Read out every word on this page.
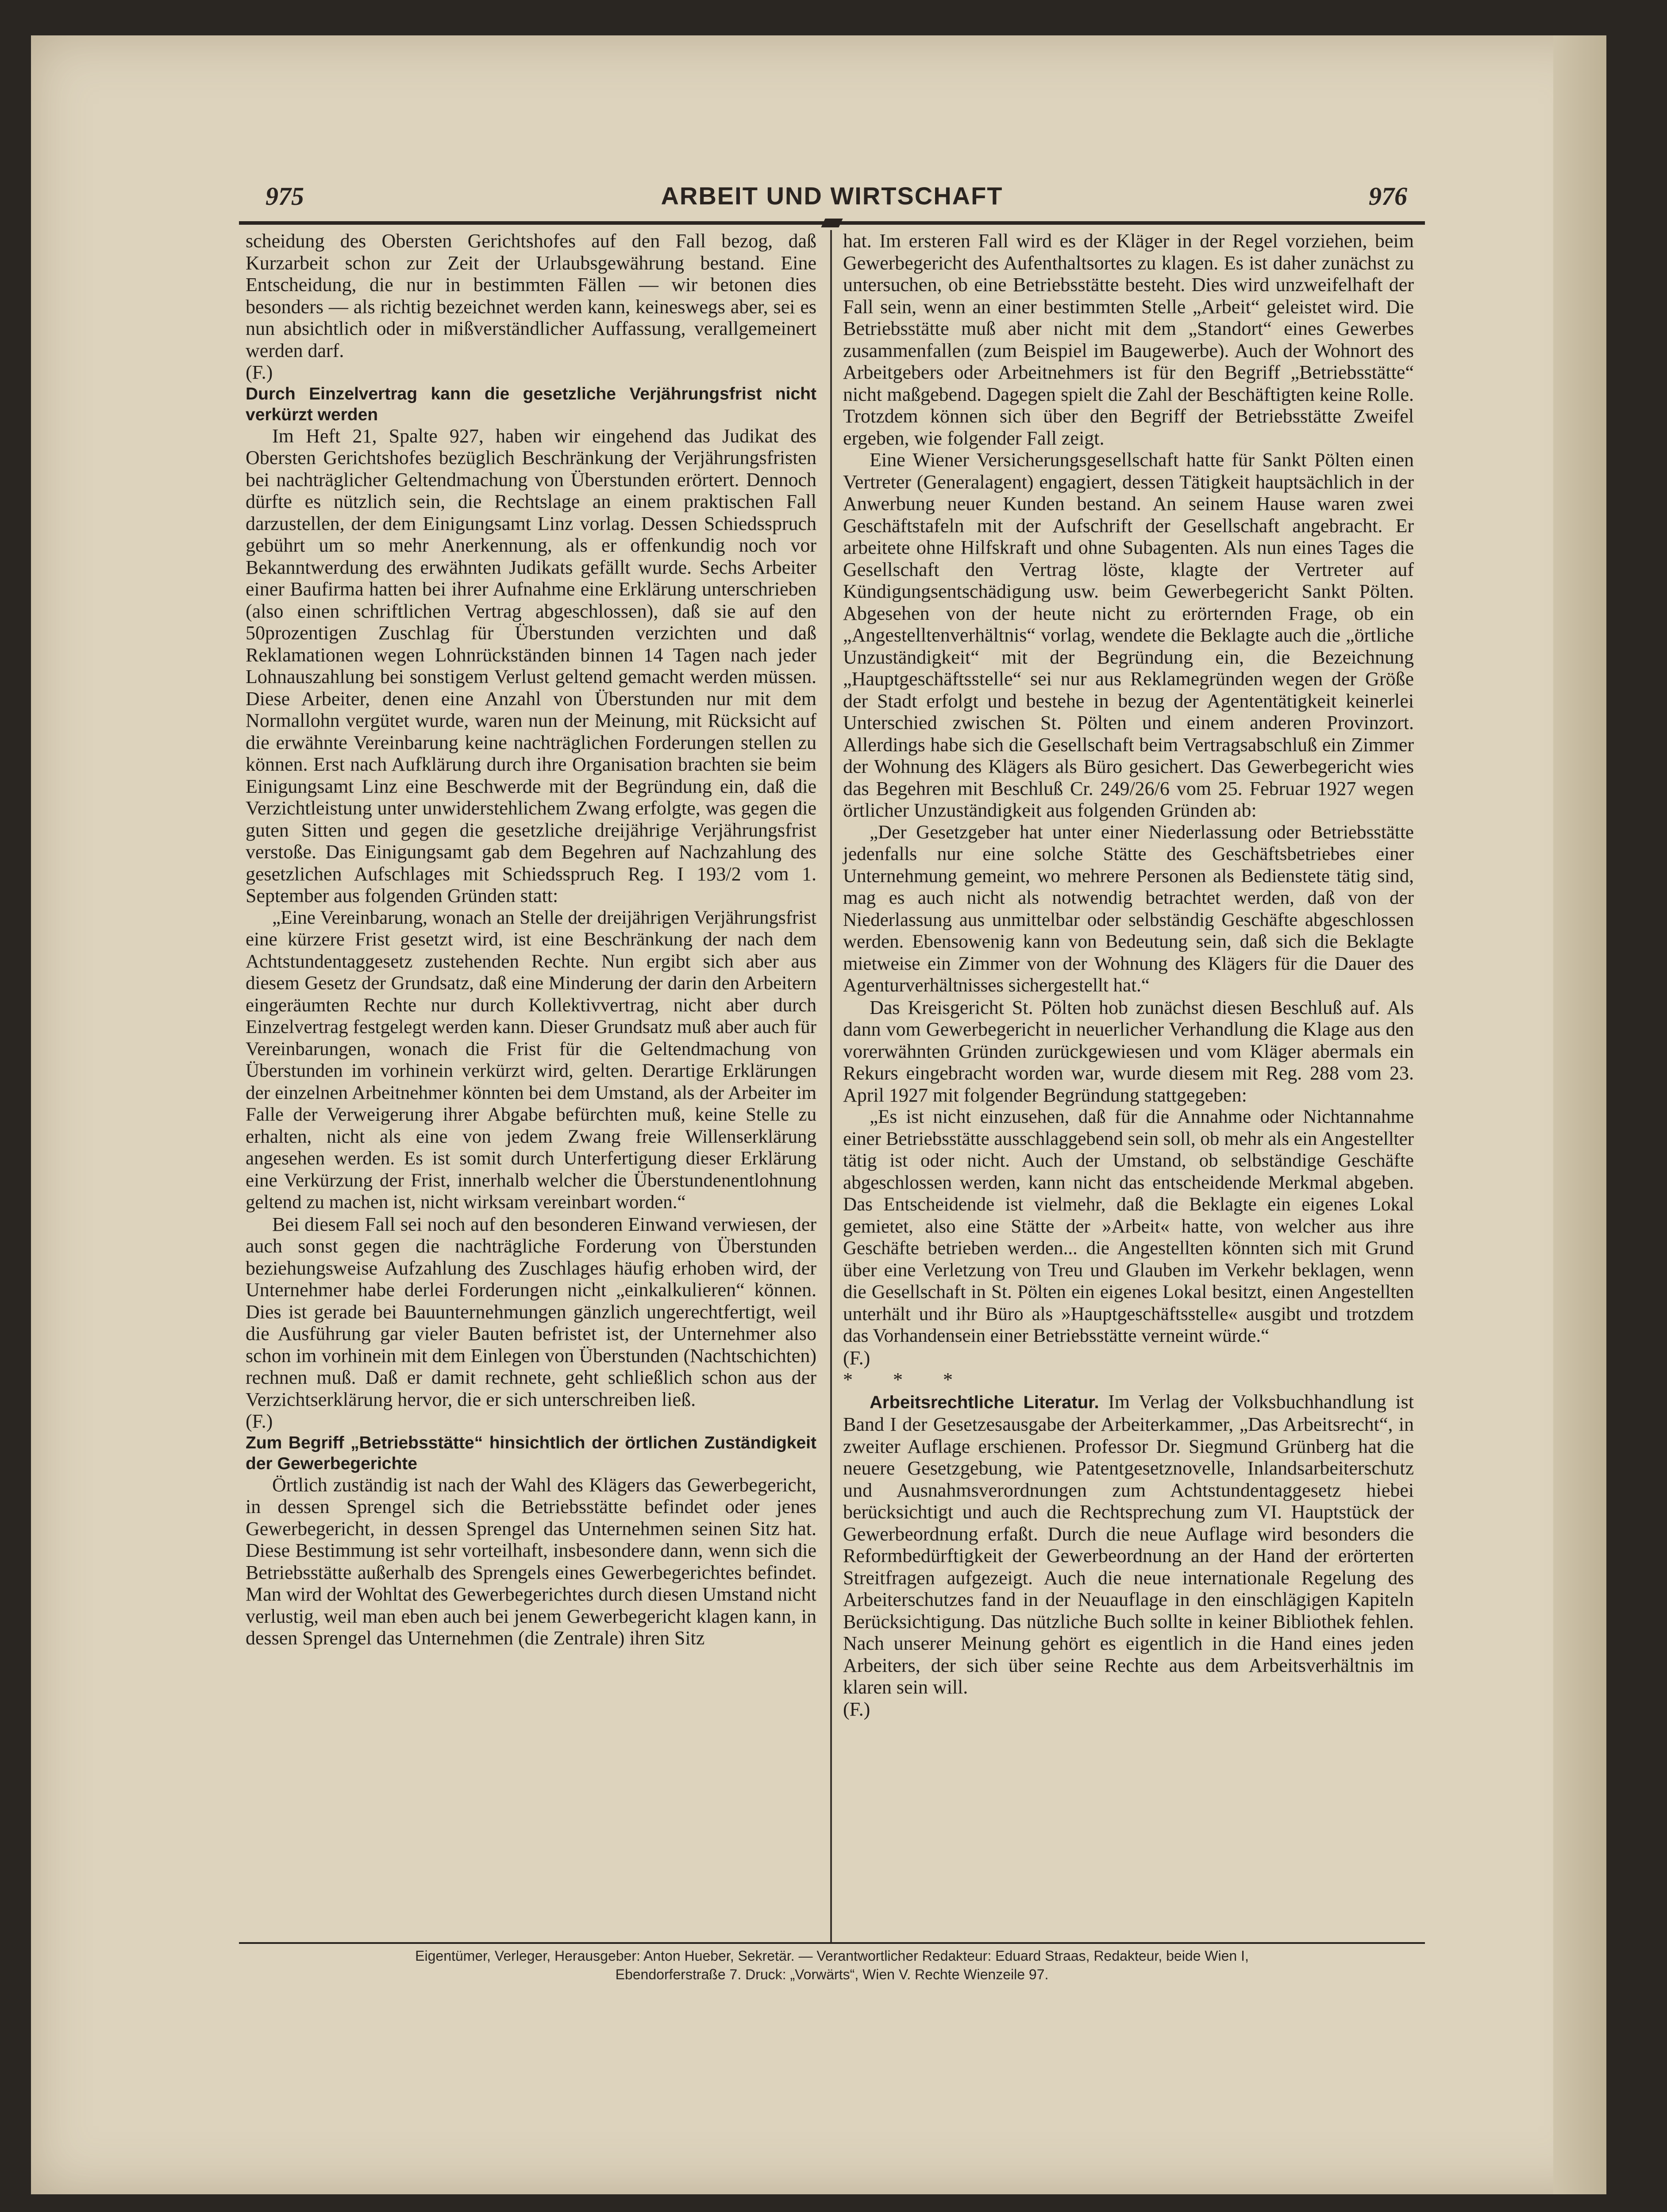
975	ARBEIT UND WIRTSCHAFT	976

scheidung des Obersten Gerichtshofes auf den Fall bezog, daß Kurzarbeit schon zur Zeit der Urlaubsgewährung bestand. Eine Entscheidung, die nur in bestimmten Fällen — wir betonen dies besonders — als richtig bezeichnet werden kann, keineswegs aber, sei es nun absichtlich oder in mißverständlicher Auffassung, verallgemeinert werden darf.

(F.)

Durch Einzelvertrag kann die gesetzliche Verjährungsfrist nicht verkürzt werden

Im Heft 21, Spalte 927, haben wir eingehend das Judikat des Obersten Gerichtshofes bezüglich Beschränkung der Verjährungsfristen bei nachträglicher Geltendmachung von Überstunden erörtert. Dennoch dürfte es nützlich sein, die Rechtslage an einem praktischen Fall darzustellen, der dem Einigungsamt Linz vorlag. Dessen Schiedsspruch gebührt um so mehr Anerkennung, als er offenkundig noch vor Bekanntwerdung des erwähnten Judikats gefällt wurde. Sechs Arbeiter einer Baufirma hatten bei ihrer Aufnahme eine Erklärung unterschrieben (also einen schriftlichen Vertrag abgeschlossen), daß sie auf den 50prozentigen Zuschlag für Überstunden verzichten und daß Reklamationen wegen Lohnrückständen binnen 14 Tagen nach jeder Lohnauszahlung bei sonstigem Verlust geltend gemacht werden müssen. Diese Arbeiter, denen eine Anzahl von Überstunden nur mit dem Normallohn vergütet wurde, waren nun der Meinung, mit Rücksicht auf die erwähnte Vereinbarung keine nachträglichen Forderungen stellen zu können. Erst nach Aufklärung durch ihre Organisation brachten sie beim Einigungsamt Linz eine Beschwerde mit der Begründung ein, daß die Verzichtleistung unter unwiderstehlichem Zwang erfolgte, was gegen die guten Sitten und gegen die gesetzliche dreijährige Verjährungsfrist verstoße. Das Einigungsamt gab dem Begehren auf Nachzahlung des gesetzlichen Aufschlages mit Schiedsspruch Reg. I 193/2 vom 1. September aus folgenden Gründen statt:

„Eine Vereinbarung, wonach an Stelle der dreijährigen Verjährungsfrist eine kürzere Frist gesetzt wird, ist eine Beschränkung der nach dem Achtstundentaggesetz zustehenden Rechte. Nun ergibt sich aber aus diesem Gesetz der Grundsatz, daß eine Minderung der darin den Arbeitern eingeräumten Rechte nur durch Kollektivvertrag, nicht aber durch Einzelvertrag festgelegt werden kann. Dieser Grundsatz muß aber auch für Vereinbarungen, wonach die Frist für die Geltendmachung von Überstunden im vorhinein verkürzt wird, gelten. Derartige Erklärungen der einzelnen Arbeitnehmer könnten bei dem Umstand, als der Arbeiter im Falle der Verweigerung ihrer Abgabe befürchten muß, keine Stelle zu erhalten, nicht als eine von jedem Zwang freie Willenserklärung angesehen werden. Es ist somit durch Unterfertigung dieser Erklärung eine Verkürzung der Frist, innerhalb welcher die Überstundenentlohnung geltend zu machen ist, nicht wirksam vereinbart worden.“

Bei diesem Fall sei noch auf den besonderen Einwand verwiesen, der auch sonst gegen die nachträgliche Forderung von Überstunden beziehungsweise Aufzahlung des Zuschlages häufig erhoben wird, der Unternehmer habe derlei Forderungen nicht „einkalkulieren“ können. Dies ist gerade bei Bauunternehmungen gänzlich ungerechtfertigt, weil die Ausführung gar vieler Bauten befristet ist, der Unternehmer also schon im vorhinein mit dem Einlegen von Überstunden (Nachtschichten) rechnen muß. Daß er damit rechnete, geht schließlich schon aus der Verzichtserklärung hervor, die er sich unterschreiben ließ.

(F.)

Zum Begriff „Betriebsstätte“ hinsichtlich der örtlichen Zuständigkeit der Gewerbegerichte

Örtlich zuständig ist nach der Wahl des Klägers das Gewerbegericht, in dessen Sprengel sich die Betriebsstätte befindet oder jenes Gewerbegericht, in dessen Sprengel das Unternehmen seinen Sitz hat. Diese Bestimmung ist sehr vorteilhaft, insbesondere dann, wenn sich die Betriebsstätte außerhalb des Sprengels eines Gewerbegerichtes befindet. Man wird der Wohltat des Gewerbegerichtes durch diesen Umstand nicht verlustig, weil man eben auch bei jenem Gewerbegericht klagen kann, in dessen Sprengel das Unternehmen (die Zentrale) ihren Sitz

hat. Im ersteren Fall wird es der Kläger in der Regel vorziehen, beim Gewerbegericht des Aufenthaltsortes zu klagen. Es ist daher zunächst zu untersuchen, ob eine Betriebsstätte besteht. Dies wird unzweifelhaft der Fall sein, wenn an einer bestimmten Stelle „Arbeit“ geleistet wird. Die Betriebsstätte muß aber nicht mit dem „Standort“ eines Gewerbes zusammenfallen (zum Beispiel im Baugewerbe). Auch der Wohnort des Arbeitgebers oder Arbeitnehmers ist für den Begriff „Betriebsstätte“ nicht maßgebend. Dagegen spielt die Zahl der Beschäftigten keine Rolle. Trotzdem können sich über den Begriff der Betriebsstätte Zweifel ergeben, wie folgender Fall zeigt.

Eine Wiener Versicherungsgesellschaft hatte für Sankt Pölten einen Vertreter (Generalagent) engagiert, dessen Tätigkeit hauptsächlich in der Anwerbung neuer Kunden bestand. An seinem Hause waren zwei Geschäftstafeln mit der Aufschrift der Gesellschaft angebracht. Er arbeitete ohne Hilfskraft und ohne Subagenten. Als nun eines Tages die Gesellschaft den Vertrag löste, klagte der Vertreter auf Kündigungsentschädigung usw. beim Gewerbegericht Sankt Pölten. Abgesehen von der heute nicht zu erörternden Frage, ob ein „Angestelltenverhältnis“ vorlag, wendete die Beklagte auch die „örtliche Unzuständigkeit“ mit der Begründung ein, die Bezeichnung „Hauptgeschäftsstelle“ sei nur aus Reklamegründen wegen der Größe der Stadt erfolgt und bestehe in bezug der Agententätigkeit keinerlei Unterschied zwischen St. Pölten und einem anderen Provinzort. Allerdings habe sich die Gesellschaft beim Vertragsabschluß ein Zimmer der Wohnung des Klägers als Büro gesichert. Das Gewerbegericht wies das Begehren mit Beschluß Cr. 249/26/6 vom 25. Februar 1927 wegen örtlicher Unzuständigkeit aus folgenden Gründen ab:

„Der Gesetzgeber hat unter einer Niederlassung oder Betriebsstätte jedenfalls nur eine solche Stätte des Geschäftsbetriebes einer Unternehmung gemeint, wo mehrere Personen als Bedienstete tätig sind, mag es auch nicht als notwendig betrachtet werden, daß von der Niederlassung aus unmittelbar oder selbständig Geschäfte abgeschlossen werden. Ebensowenig kann von Bedeutung sein, daß sich die Beklagte mietweise ein Zimmer von der Wohnung des Klägers für die Dauer des Agenturverhältnisses sichergestellt hat.“

Das Kreisgericht St. Pölten hob zunächst diesen Beschluß auf. Als dann vom Gewerbegericht in neuerlicher Verhandlung die Klage aus den vorerwähnten Gründen zurückgewiesen und vom Kläger abermals ein Rekurs eingebracht worden war, wurde diesem mit Reg. 288 vom 23. April 1927 mit folgender Begründung stattgegeben:

„Es ist nicht einzusehen, daß für die Annahme oder Nichtannahme einer Betriebsstätte ausschlaggebend sein soll, ob mehr als ein Angestellter tätig ist oder nicht. Auch der Umstand, ob selbständige Geschäfte abgeschlossen werden, kann nicht das entscheidende Merkmal abgeben. Das Entscheidende ist vielmehr, daß die Beklagte ein eigenes Lokal gemietet, also eine Stätte der »Arbeit« hatte, von welcher aus ihre Geschäfte betrieben werden... die Angestellten könnten sich mit Grund über eine Verletzung von Treu und Glauben im Verkehr beklagen, wenn die Gesellschaft in St. Pölten ein eigenes Lokal besitzt, einen Angestellten unterhält und ihr Büro als »Hauptgeschäftsstelle« ausgibt und trotzdem das Vorhandensein einer Betriebsstätte verneint würde.“

(F.)

* * *

Arbeitsrechtliche Literatur. Im Verlag der Volksbuchhandlung ist Band I der Gesetzesausgabe der Arbeiterkammer, „Das Arbeitsrecht“, in zweiter Auflage erschienen. Professor Dr. Siegmund Grünberg hat die neuere Gesetzgebung, wie Patentgesetznovelle, Inlandsarbeiterschutz und Ausnahmsverordnungen zum Achtstundentaggesetz hiebei berücksichtigt und auch die Rechtsprechung zum VI. Hauptstück der Gewerbeordnung erfaßt. Durch die neue Auflage wird besonders die Reformbedürftigkeit der Gewerbeordnung an der Hand der erörterten Streitfragen aufgezeigt. Auch die neue internationale Regelung des Arbeiterschutzes fand in der Neuauflage in den einschlägigen Kapiteln Berücksichtigung. Das nützliche Buch sollte in keiner Bibliothek fehlen. Nach unserer Meinung gehört es eigentlich in die Hand eines jeden Arbeiters, der sich über seine Rechte aus dem Arbeitsverhältnis im klaren sein will.

(F.)

Eigentümer, Verleger, Herausgeber: Anton Hueber, Sekretär. — Verantwortlicher Redakteur: Eduard Straas, Redakteur, beide Wien I,
Ebendorferstraße 7. Druck: „Vorwärts“, Wien V. Rechte Wienzeile 97.
